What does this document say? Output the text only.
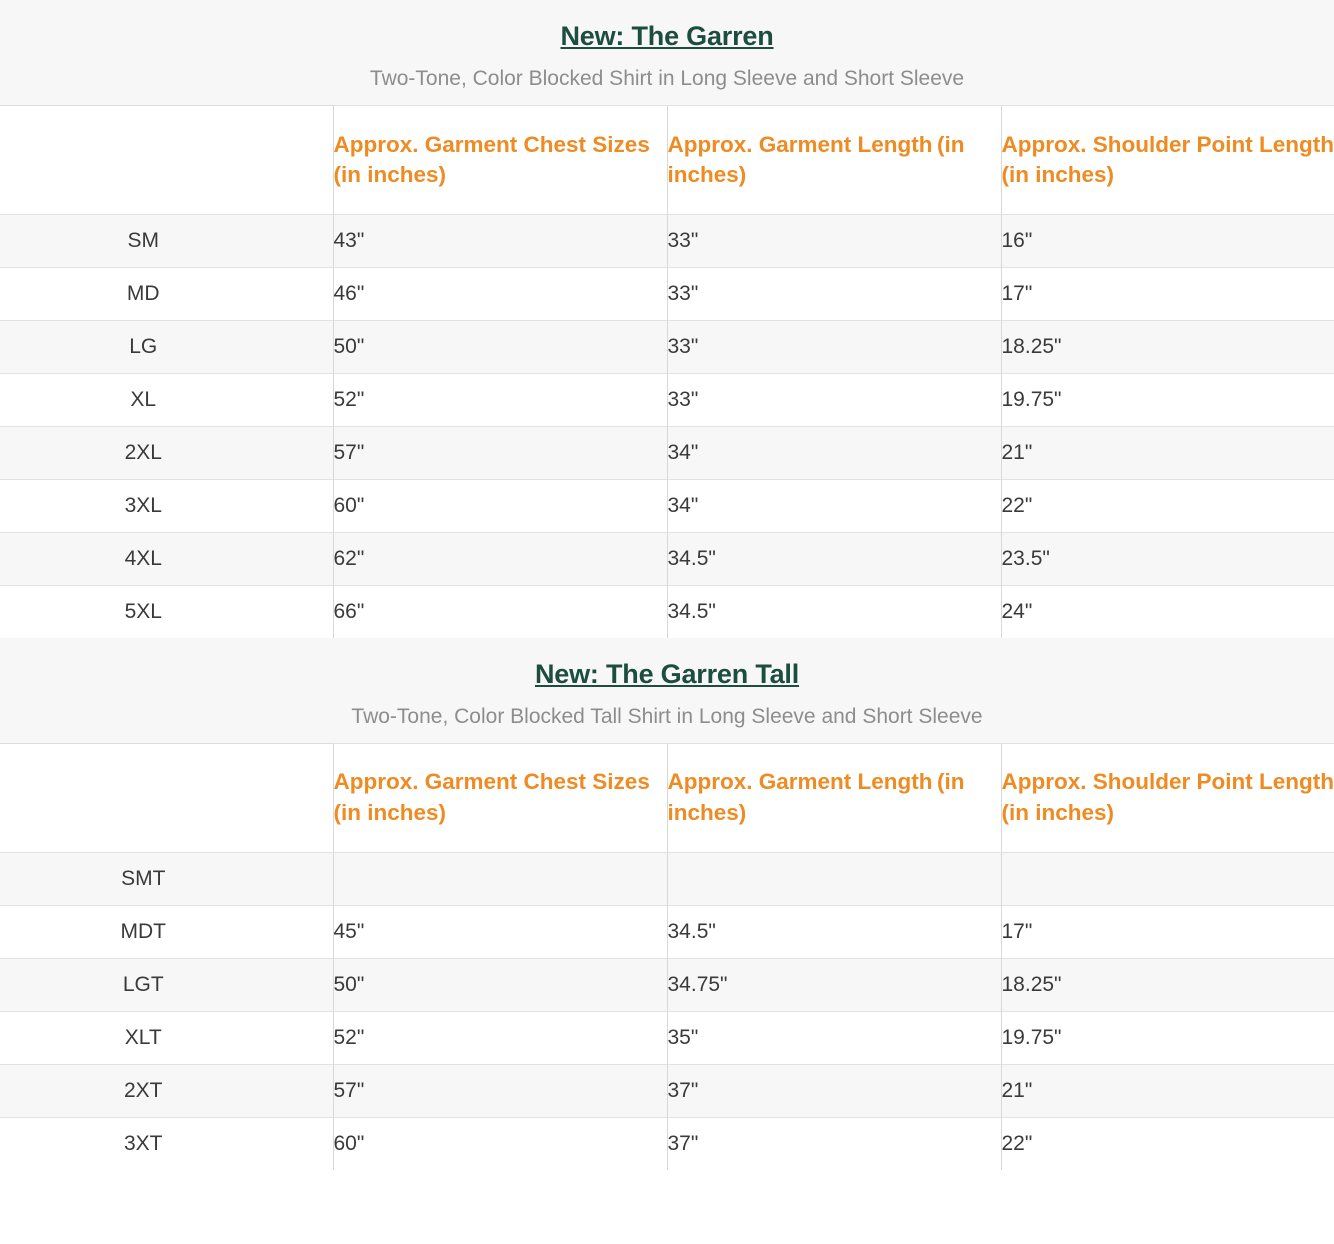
New: The Garren
Two-Tone, Color Blocked Shirt in Long Sleeve and Short Sleeve
	Approx. Garment Chest Sizes (in inches)	Approx. Garment Length (in inches)	Approx. Shoulder Point Length (in inches)
SM	43"	33"	16"
MD	46"	33"	17"
LG	50"	33"	18.25"
XL	52"	33"	19.75"
2XL	57"	34"	21"
3XL	60"	34"	22"
4XL	62"	34.5"	23.5"
5XL	66"	34.5"	24"
New: The Garren Tall
Two-Tone, Color Blocked Tall Shirt in Long Sleeve and Short Sleeve
	Approx. Garment Chest Sizes (in inches)	Approx. Garment Length (in inches)	Approx. Shoulder Point Length (in inches)
SMT			
MDT	45"	34.5"	17"
LGT	50"	34.75"	18.25"
XLT	52"	35"	19.75"
2XT	57"	37"	21"
3XT	60"	37"	22"
